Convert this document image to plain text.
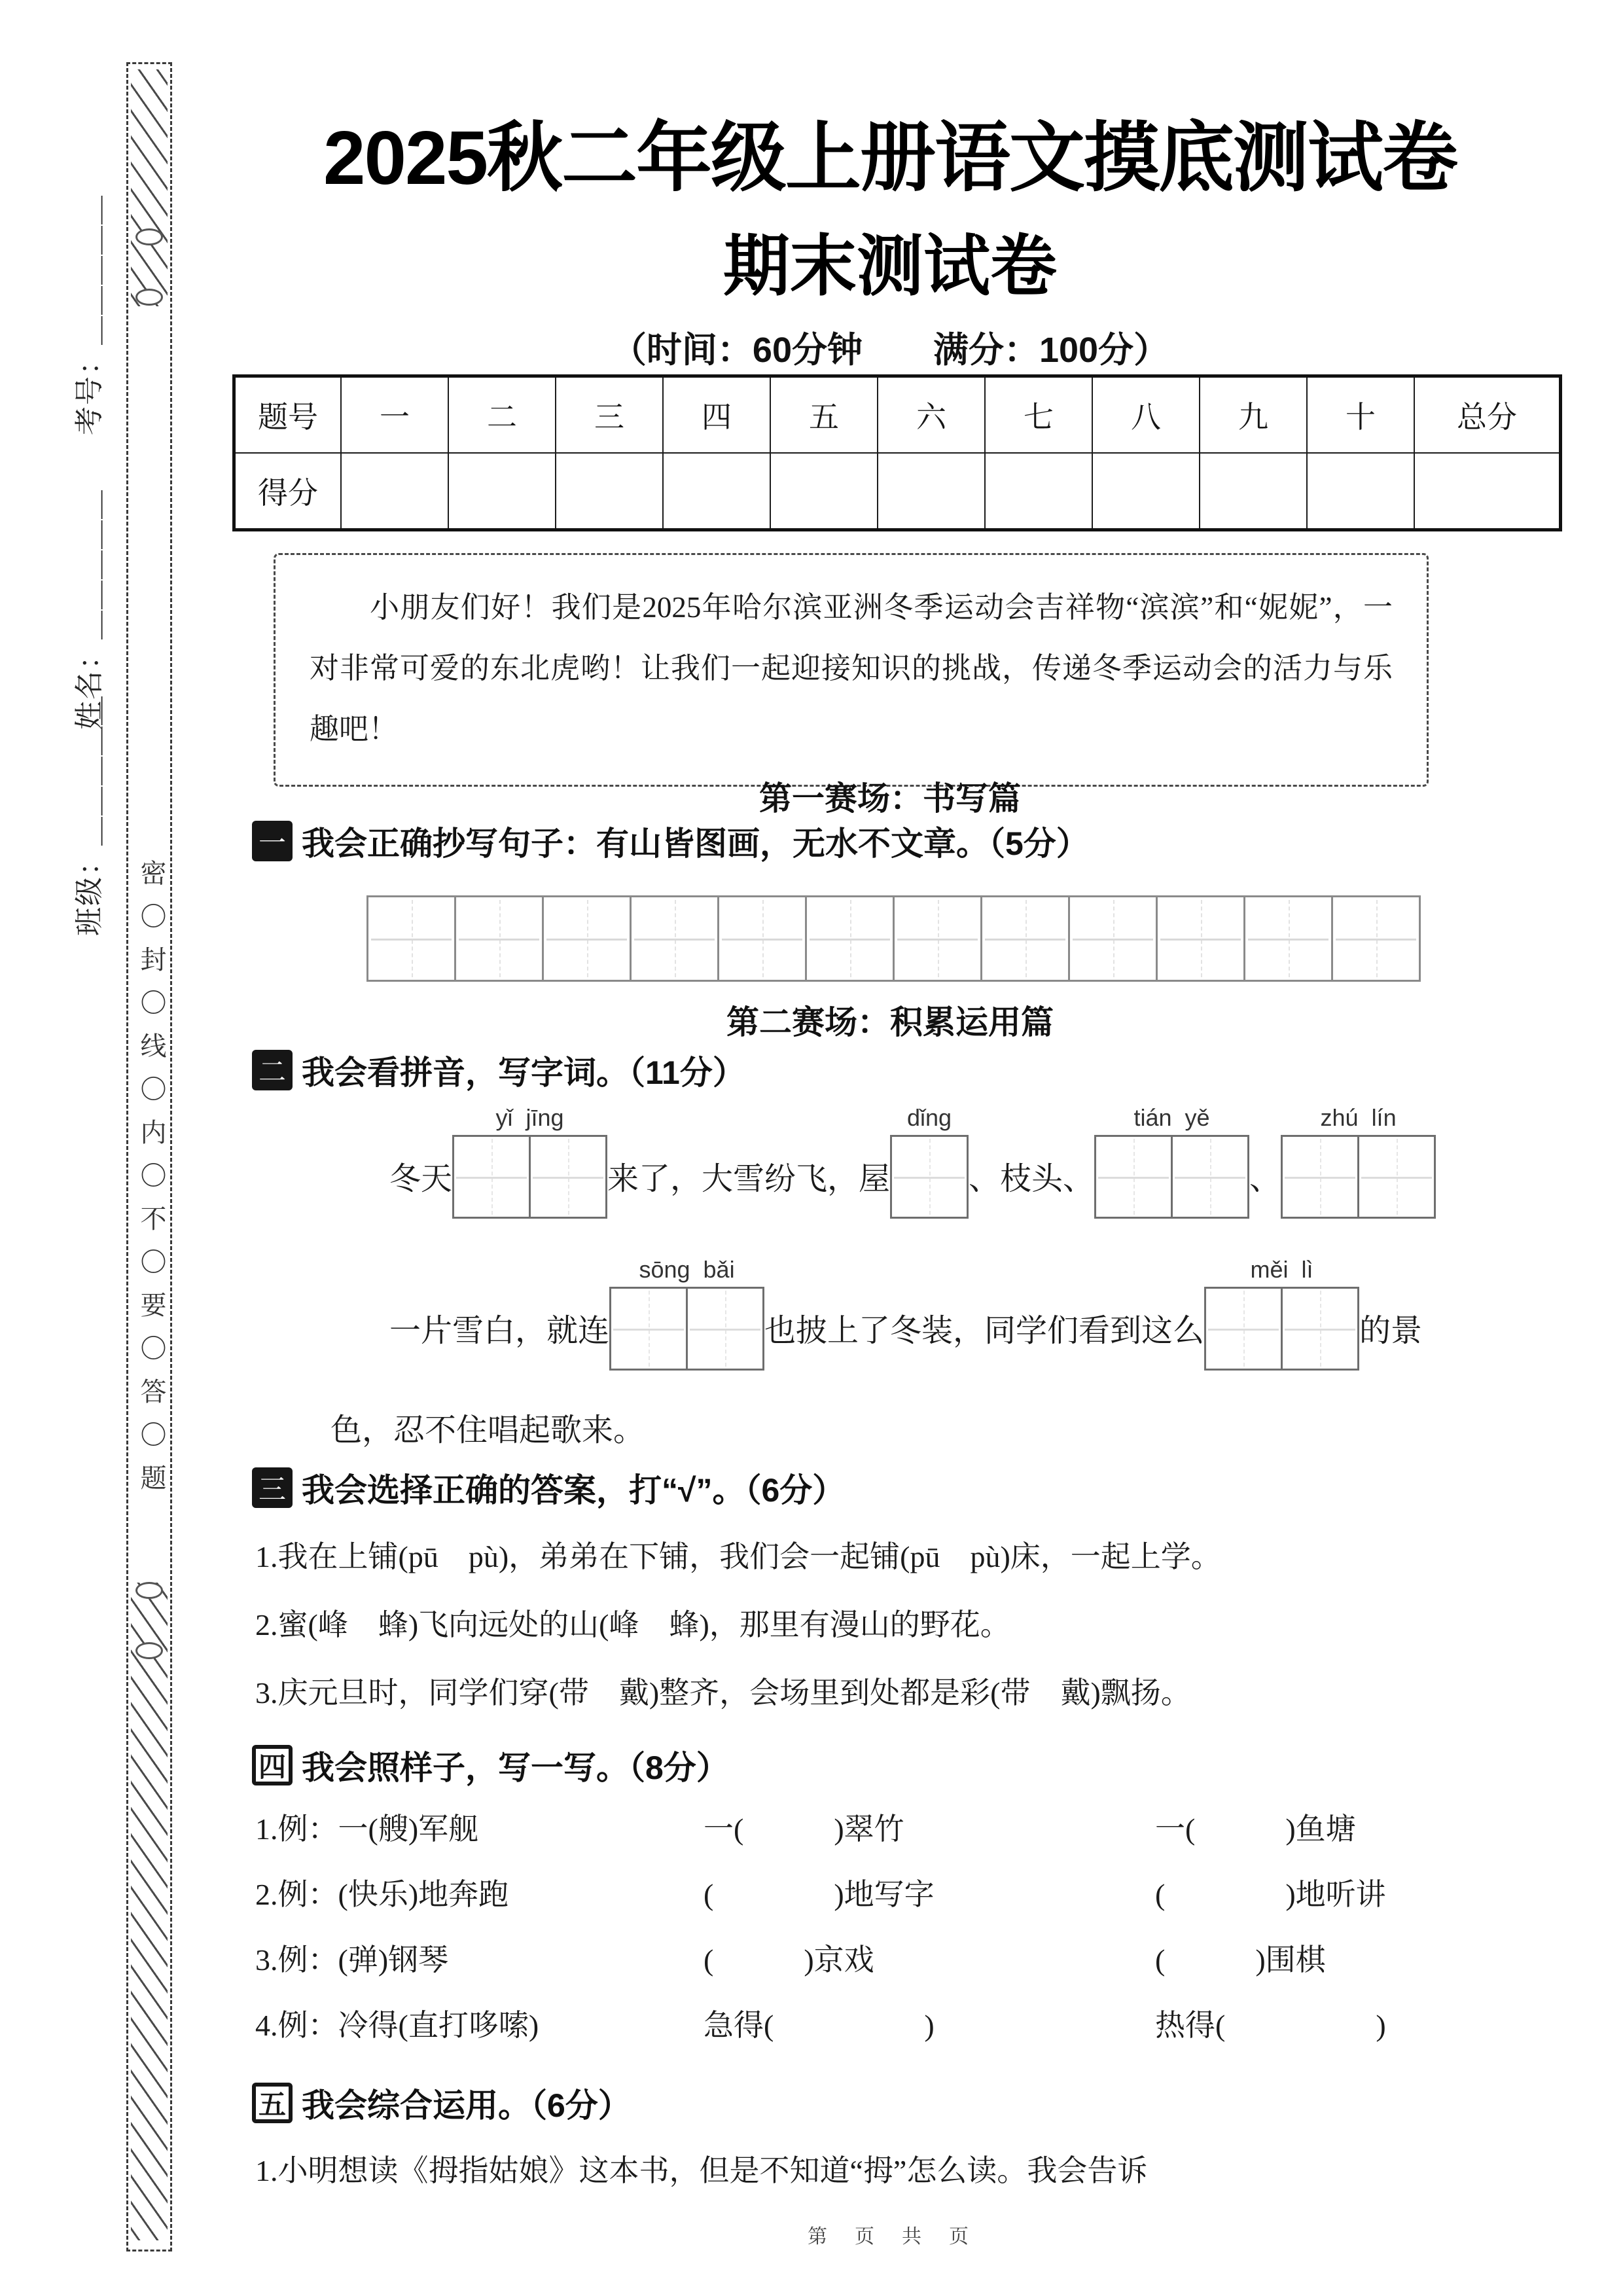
密〇封〇线〇内〇不〇要〇答〇题
考号：＿＿＿＿＿
姓名：＿＿＿＿＿
班级：＿＿＿＿＿
2025秋二年级上册语文摸底测试卷
期末测试卷
（时间：60分钟　　满分：100分）
题号	一	二	三	四	五	六	七	八	九	十	总分
得分											

小朋友们好！我们是2025年哈尔滨亚洲冬季运动会吉祥物“滨滨”和“妮妮”，一对非常可爱的东北虎哟！让我们一起迎接知识的挑战，传递冬季运动会的活力与乐趣吧！

第一赛场：书写篇
一 我会正确抄写句子：有山皆图画，无水不文章。（5分）
第二赛场：积累运用篇
二 我会看拼音，写字词。（11分）
冬天
yǐ  jīng
来了，大雪纷飞，屋
dǐng
、枝头、
tián  yě
、
zhú  lín
一片雪白，就连
sōng  bǎi
也披上了冬装，同学们看到这么
měi  lì
的景
色，忍不住唱起歌来。
三 我会选择正确的答案，打“√”。（6分）
1.我在上铺(pū　pù)，弟弟在下铺，我们会一起铺(pū　pù)床，一起上学。
2.蜜(峰　蜂)飞向远处的山(峰　蜂)，那里有漫山的野花。
3.庆元旦时，同学们穿(带　戴)整齐，会场里到处都是彩(带　戴)飘扬。
四 我会照样子，写一写。（8分）
1.例：一(艘)军舰	一(　　　)翠竹	一(　　　)鱼塘
2.例：(快乐)地奔跑	(　　　　)地写字	(　　　　)地听讲
3.例：(弹)钢琴	(　　　)京戏	(　　　)围棋
4.例：冷得(直打哆嗦)	急得(　　　　　)	热得(　　　　　)
五 我会综合运用。（6分）
1.小明想读《拇指姑娘》这本书，但是不知道“拇”怎么读。我会告诉
第　页　共　页
